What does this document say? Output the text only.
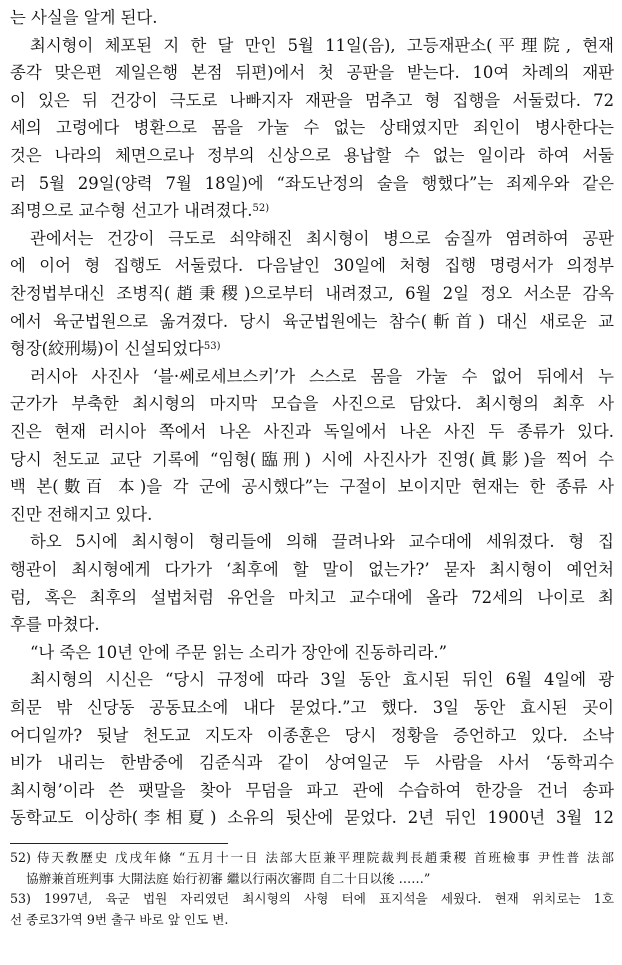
는 사실을 알게 된다.
최시형이 체포된 지 한 달 만인 5월 11일(음), 고등재판소(平理院, 현재
종각 맞은편 제일은행 본점 뒤편)에서 첫 공판을 받는다. 10여 차례의 재판
이 있은 뒤 건강이 극도로 나빠지자 재판을 멈추고 형 집행을 서둘렀다. 72
세의 고령에다 병환으로 몸을 가눌 수 없는 상태였지만 죄인이 병사한다는
것은 나라의 체면으로나 정부의 신상으로 용납할 수 없는 일이라 하여 서둘
러 5월 29일(양력 7월 18일)에 “좌도난정의 술을 행했다”는 죄제우와 같은
죄명으로 교수형 선고가 내려졌다.$^{52)}$
관에서는 건강이 극도로 쇠약해진 최시형이 병으로 숨질까 염려하여 공판
에 이어 형 집행도 서둘렀다. 다음날인 30일에 처형 집행 명령서가 의정부
찬정법부대신 조병직(趙秉稷)으로부터 내려졌고, 6월 2일 정오 서소문 감옥
에서 육군법원으로 옮겨졌다. 당시 육군법원에는 참수(斬首) 대신 새로운 교
형장(絞刑場)이 신설되었다$^{53)}$
러시아 사진사 ‘블·쎄로세브스키’가 스스로 몸을 가눌 수 없어 뒤에서 누
군가가 부축한 최시형의 마지막 모습을 사진으로 담았다. 최시형의 최후 사
진은 현재 러시아 쪽에서 나온 사진과 독일에서 나온 사진 두 종류가 있다.
당시 천도교 교단 기록에 “임형(臨刑) 시에 사진사가 진영(眞影)을 찍어 수
백 본(數百 本)을 각 군에 공시했다”는 구절이 보이지만 현재는 한 종류 사
진만 전해지고 있다.
하오 5시에 최시형이 형리들에 의해 끌려나와 교수대에 세워졌다. 형 집
행관이 최시형에게 다가가 ‘최후에 할 말이 없는가?’ 묻자 최시형이 예언처
럼, 혹은 최후의 설법처럼 유언을 마치고 교수대에 올라 72세의 나이로 최
후를 마쳤다.
“나 죽은 10년 안에 주문 읽는 소리가 장안에 진동하리라.”
최시형의 시신은 “당시 규정에 따라 3일 동안 효시된 뒤인 6월 4일에 광
희문 밖 신당동 공동묘소에 내다 묻었다.”고 했다. 3일 동안 효시된 곳이
어디일까? 뒷날 천도교 지도자 이종훈은 당시 정황을 증언하고 있다. 소낙
비가 내리는 한밤중에 김준식과 같이 상여일군 두 사람을 사서 ‘동학괴수
최시형’이라 쓴 팻말을 찾아 무덤을 파고 관에 수습하여 한강을 건너 송파
동학교도 이상하(李相夏) 소유의 뒷산에 묻었다. 2년 뒤인 1900년 3월 12
52) 侍天敎歷史 戊戌年條 “五月十一日 法部大臣兼平理院裁判長趙秉稷 首班檢事 尹性普 法部
協辦兼首班判事 大開法庭 始行初審 繼以行兩次審問 自二十日以後 ……”
53) 1997년, 육군 법원 자리였던 최시형의 사형 터에 표지석을 세웠다. 현재 위치로는 1호
선 종로3가역 9번 출구 바로 앞 인도 변.
